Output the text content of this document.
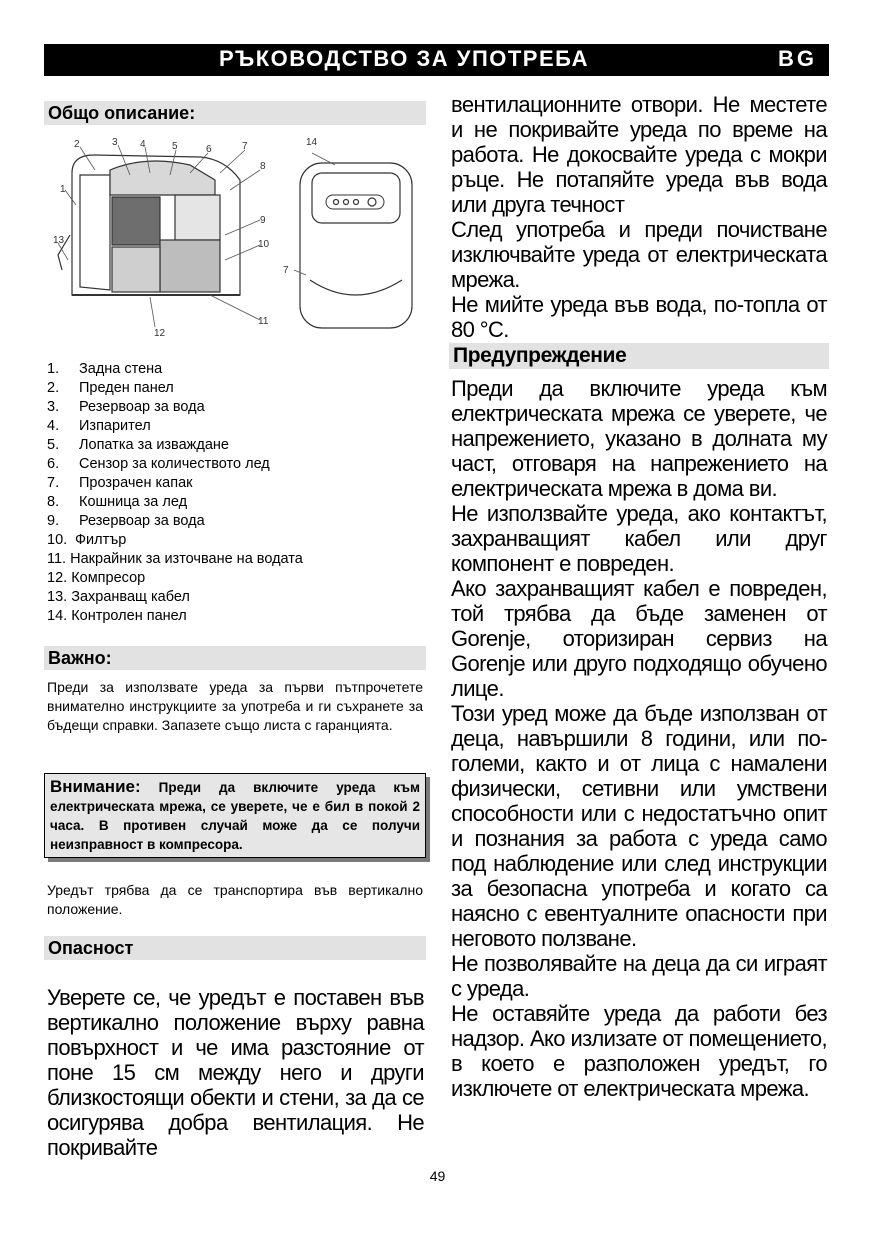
РЪКОВОДСТВО ЗА УПОТРЕБА	BG
Общо описание:
2	3 4	5	6	7
8
9
10
11
12
1
13
14
7
1. Задна стена
2. Преден панел
3. Резервоар за вода
4. Изпарител
5. Лопатка за изваждане
6. Сензор за количеството лед
7. Прозрачен капак
8. Кошница за лед
9. Резервоар за вода
10. Филтър
11. Накрайник за източване на водата
12. Компресор
13. Захранващ кабел
14. Контролен панел
Важно:
Преди за използвате уреда за първи пътпрочетете внимателно инструкциите за употреба и ги съхранете за бъдещи справки. Запазете също листа с гаранцията.
Внимание: Преди да включите уреда към електрическата мрежа, се уверете, че е бил в покой 2 часа. В противен случай може да се получи неизправност в компресора.
Уредът трябва да се транспортира във вертикално положение.
Опасност

Уверете се, че уредът е поставен във вертикално положение върху равна повърхност и че има разстояние от поне 15 см между него и други близкостоящи обекти и стени, за да се осигурява добра вентилация. Не покривайте

вентилационните отвори. Не местете и не покривайте уреда по време на работа. Не докосвайте уреда с мокри ръце. Не потапяйте уреда във вода или друга течност

След употреба и преди почистване изключвайте уреда от електрическата мрежа.

Не мийте уреда във вода, по-топла от 80 °C.

Предупреждение

Преди да включите уреда към електрическата мрежа се уверете, че напрежението, указано в долната му част, отговаря на напрежението на електрическата мрежа в дома ви.

Не използвайте уреда, ако контактът, захранващият кабел или друг компонент е повреден.

Ако захранващият кабел е повреден, той трябва да бъде заменен от Gorenje, оторизиран сервиз на Gorenje или друго подходящо обучено лице.

Този уред може да бъде използван от деца, навършили 8 години, или по-големи, както и от лица с намалени физически, сетивни или умствени способности или с недостатъчно опит и познания за работа с уреда само под наблюдение или след инструкции за безопасна употреба и когато са наясно с евентуалните опасности при неговото ползване.

Не позволявайте на деца да си играят с уреда.

Не оставяйте уреда да работи без надзор. Ако излизате от помещението, в което е разположен уредът, го изключете от електрическата мрежа.

49
